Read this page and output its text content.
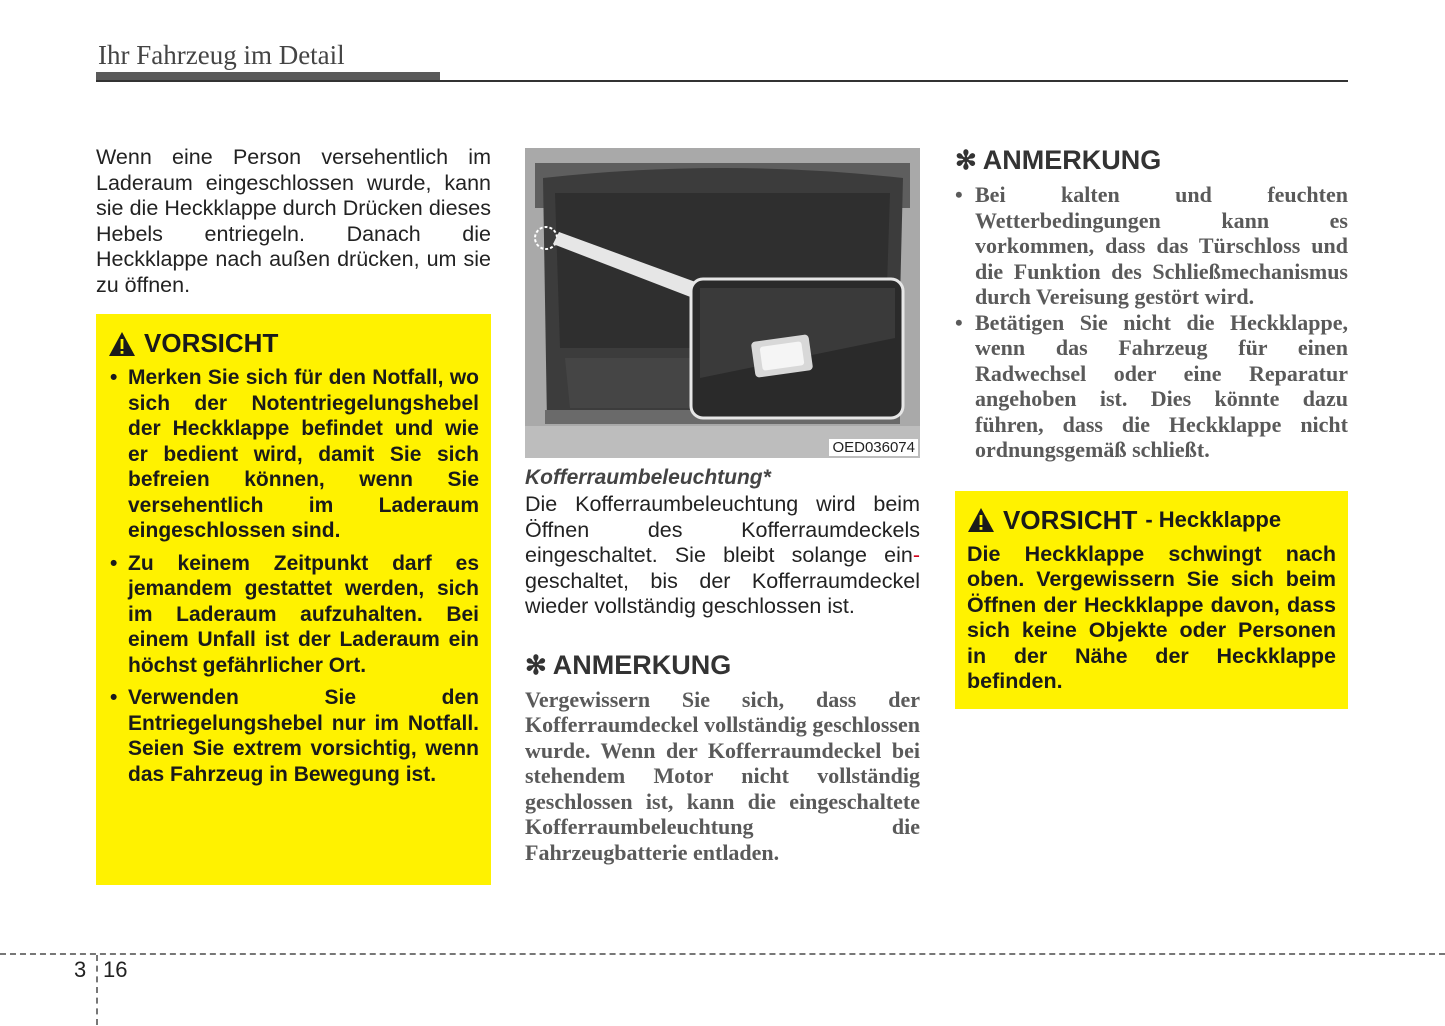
Ihr Fahrzeug im Detail

Wenn eine Person versehentlich im Laderaum eingeschlossen wurde, kann sie die Heckklappe durch Drücken dieses Hebels entriegeln. Danach die Heckklappe nach außen drücken, um sie zu öffnen.

VORSICHT
• Merken Sie sich für den Notfall, wo sich der Notentriegelungshebel der Heckklappe befindet und wie er bedient wird, damit Sie sich befreien können, wenn Sie versehentlich im Laderaum eingeschlossen sind.
• Zu keinem Zeitpunkt darf es jemandem gestattet werden, sich im Laderaum aufzuhalten. Bei einem Unfall ist der Laderaum ein höchst gefährlicher Ort.
• Verwenden Sie den Entriegelungshebel nur im Notfall. Seien Sie extrem vorsichtig, wenn das Fahrzeug in Bewegung ist.
OED036074
Kofferraumbeleuchtung*

Die Kofferraumbeleuchtung wird beim Öffnen des Kofferraumdeckels eingeschaltet. Sie bleibt solange ein-geschaltet, bis der Kofferraumdeckel wieder vollständig geschlossen ist.

✻ ANMERKUNG
Vergewissern Sie sich, dass der Kofferraumdeckel vollständig geschlossen wurde. Wenn der Kofferraumdeckel bei stehendem Motor nicht vollständig geschlossen ist, kann die eingeschaltete Kofferraumbeleuchtung die Fahrzeugbatterie entladen.
✻ ANMERKUNG
• Bei kalten und feuchten Wetterbedingungen kann es vorkommen, dass das Türschloss und die Funktion des Schließmechanismus durch Vereisung gestört wird.
• Betätigen Sie nicht die Heckklappe, wenn das Fahrzeug für einen Radwechsel oder eine Reparatur angehoben ist. Dies könnte dazu führen, dass die Heckklappe nicht ordnungsgemäß schließt.
VORSICHT - Heckklappe
Die Heckklappe schwingt nach oben. Vergewissern Sie sich beim Öffnen der Heckklappe davon, dass sich keine Objekte oder Personen in der Nähe der Heckklappe befinden.
3 16
